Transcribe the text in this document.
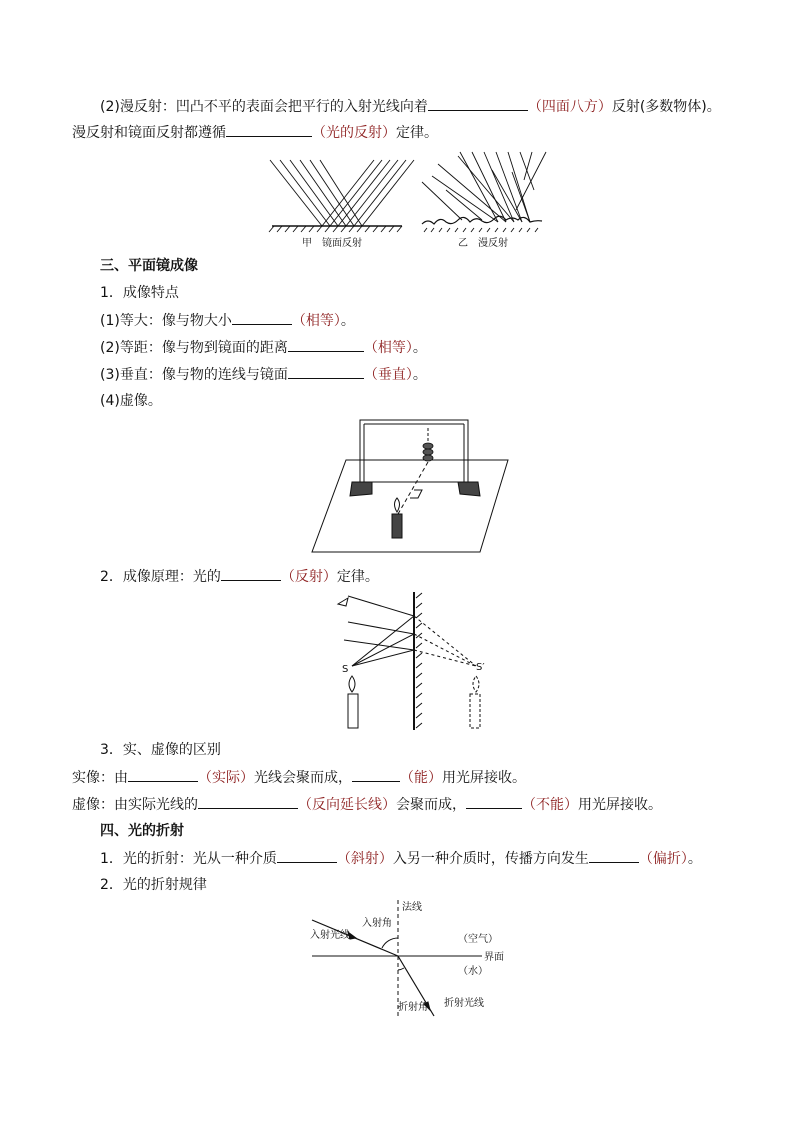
(2)漫反射：凹凸不平的表面会把平行的入射光线向着	（四面八方）反射(多数物体)。
漫反射和镜面反射都遵循	（光的反射）定律。
甲　镜面反射	乙　漫反射
三、平面镜成像
1．成像特点
(1)等大：像与物大小	（相等）。
(2)等距：像与物到镜面的距离	（相等）。
(3)垂直：像与物的连线与镜面	（垂直）。
(4)虚像。
2．成像原理：光的	（反射）定律。
S	S′
3．实、虚像的区别
实像：由	（实际）光线会聚而成，	（能）用光屏接收。
虚像：由实际光线的	（反向延长线）会聚而成，	（不能）用光屏接收。
四、光的折射
1．光的折射：光从一种介质	（斜射）入另一种介质时，传播方向发生	（偏折）。
2．光的折射规律
入射角
入射光线
法线
（空气）
界面
（水）
折射角 折射光线
